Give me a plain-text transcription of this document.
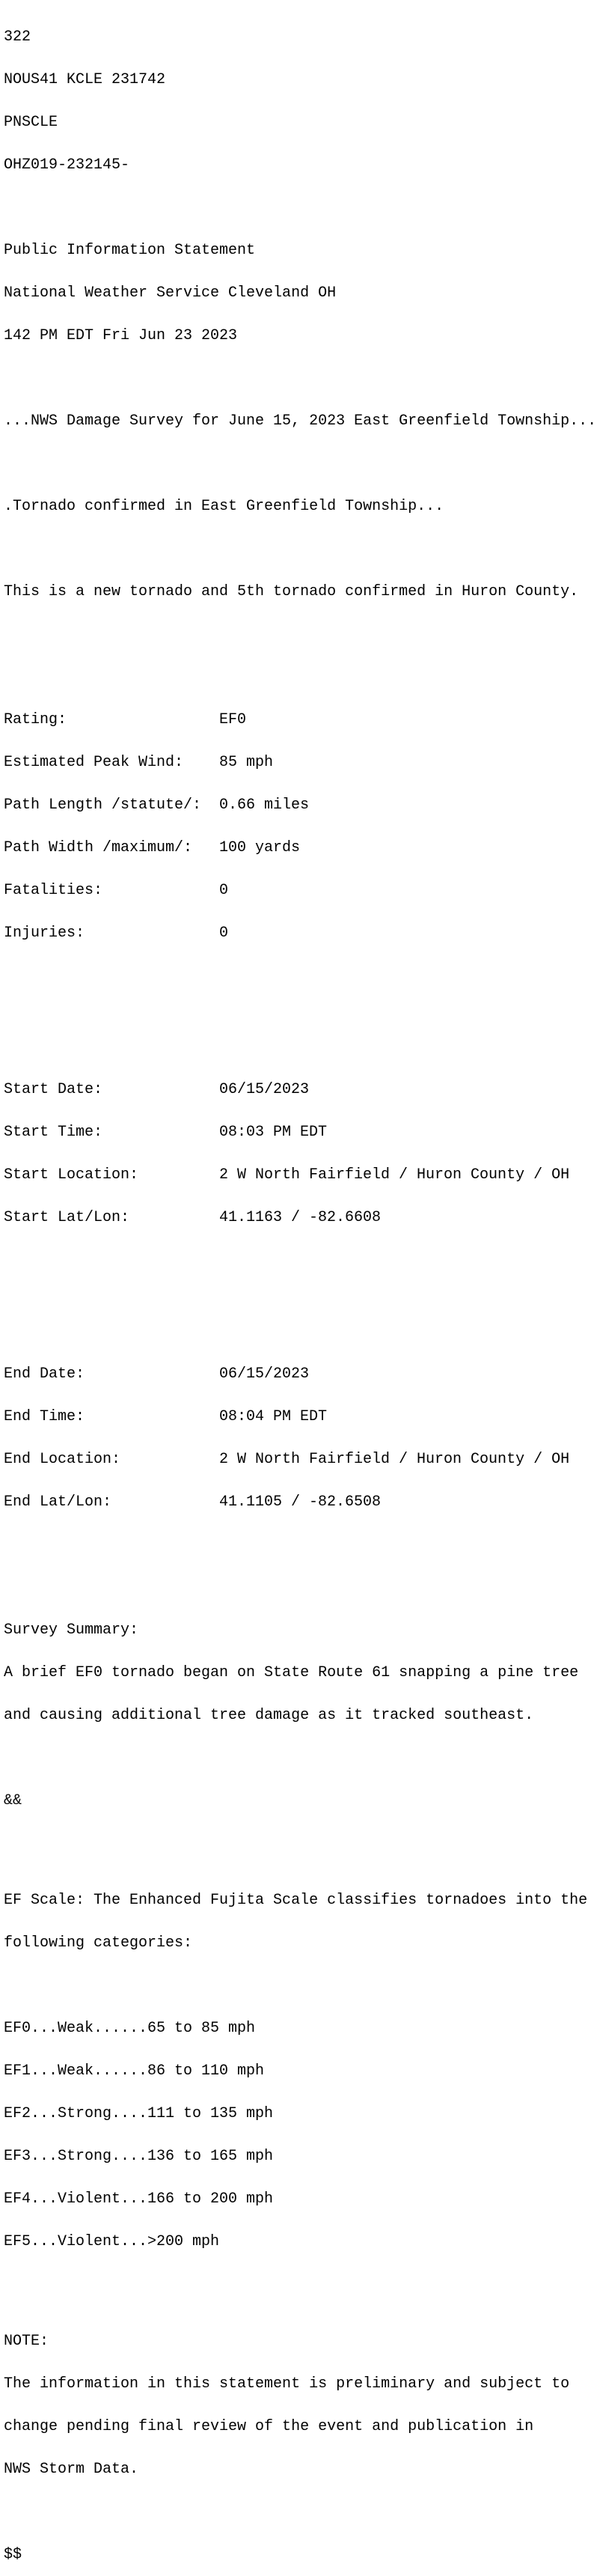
322

NOUS41 KCLE 231742

PNSCLE

OHZ019-232145-

Public Information Statement

National Weather Service Cleveland OH

142 PM EDT Fri Jun 23 2023

...NWS Damage Survey for June 15, 2023 East Greenfield Township...

.Tornado confirmed in East Greenfield Township...

This is a new tornado and 5th tornado confirmed in Huron County.

Rating:	EF0

Estimated Peak Wind: 85 mph

Path Length /statute/: 0.66 miles

Path Width /maximum/: 100 yards

Fatalities:	0

Injuries:	0

Start Date:	06/15/2023

Start Time:	08:03 PM EDT

Start Location:	2 W North Fairfield / Huron County / OH

Start Lat/Lon:	41.1163 / -82.6608

End Date:	06/15/2023

End Time:	08:04 PM EDT

End Location:	2 W North Fairfield / Huron County / OH

End Lat/Lon:	41.1105 / -82.6508

Survey Summary:

A brief EF0 tornado began on State Route 61 snapping a pine tree

and causing additional tree damage as it tracked southeast.

&&

EF Scale: The Enhanced Fujita Scale classifies tornadoes into the

following categories:

EF0...Weak......65 to 85 mph

EF1...Weak......86 to 110 mph

EF2...Strong....111 to 135 mph

EF3...Strong....136 to 165 mph

EF4...Violent...166 to 200 mph

EF5...Violent...>200 mph

NOTE:

The information in this statement is preliminary and subject to

change pending final review of the event and publication in

NWS Storm Data.

$$
